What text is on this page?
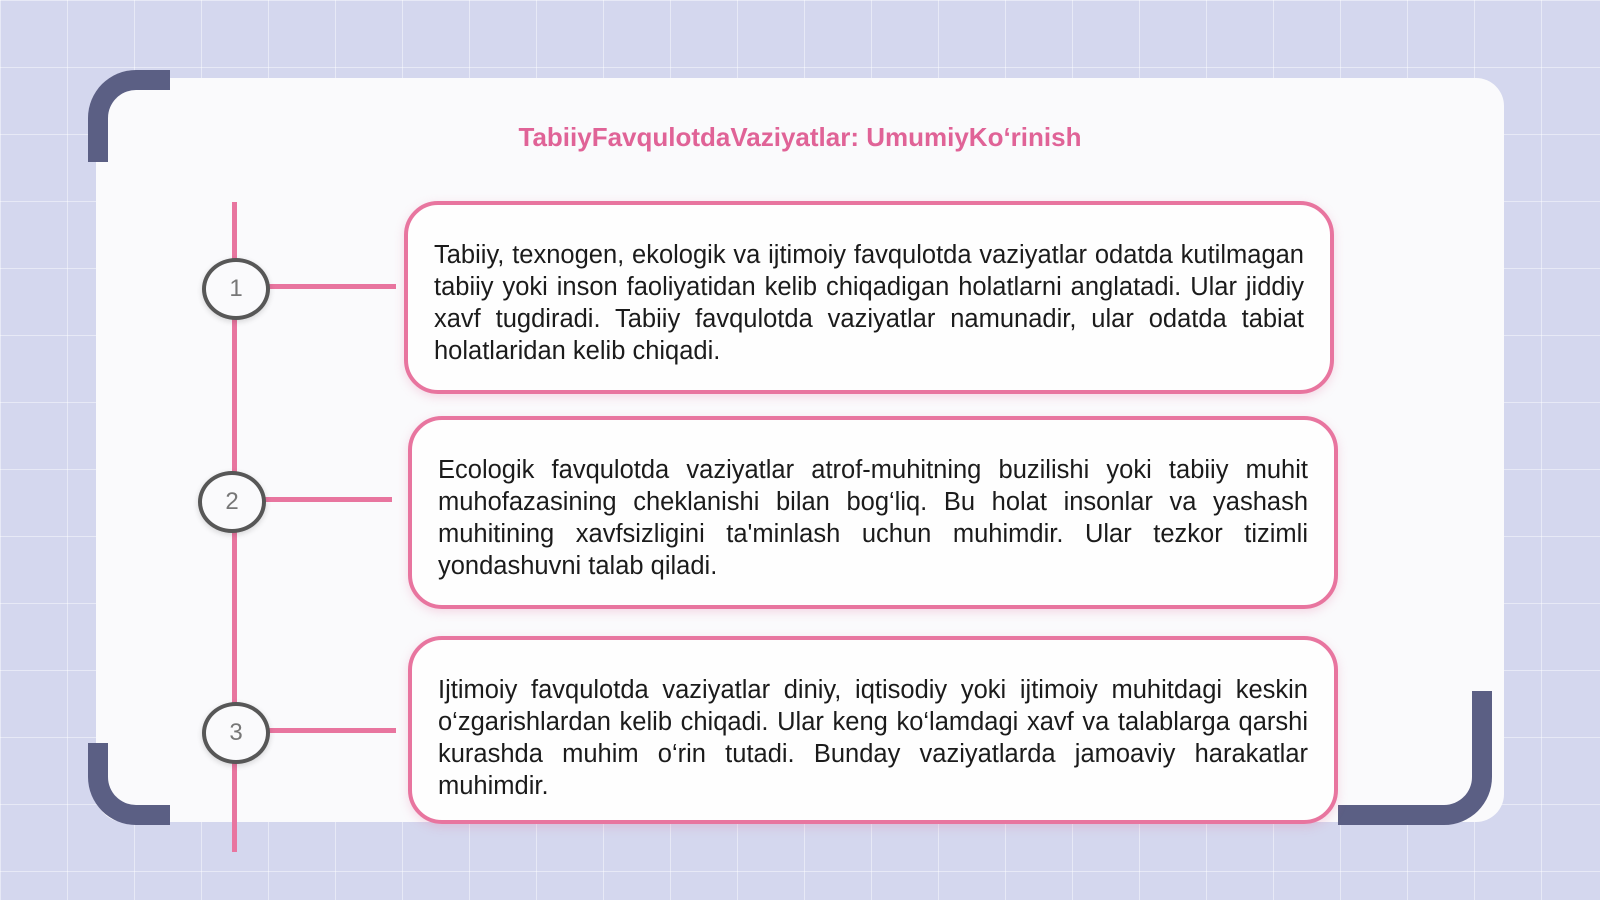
TabiiyFavqulotdaVaziyatlar: UmumiyKo‘rinish
1
2
3

Tabiiy, texnogen, ekologik va ijtimoiy favqulotda vaziyatlar odatda kutilmagan tabiiy yoki inson faoliyatidan kelib chiqadigan holatlarni anglatadi. Ular jiddiy xavf tugdiradi. Tabiiy favqulotda vaziyatlar namunadir, ular odatda tabiat holatlaridan kelib chiqadi.

Ecologik favqulotda vaziyatlar atrof-muhitning buzilishi yoki tabiiy muhit muhofazasining cheklanishi bilan bog‘liq. Bu holat insonlar va yashash muhitining xavfsizligini ta'minlash uchun muhimdir. Ular tezkor tizimli yondashuvni talab qiladi.

Ijtimoiy favqulotda vaziyatlar diniy, iqtisodiy yoki ijtimoiy muhitdagi keskin o‘zgarishlardan kelib chiqadi. Ular keng ko‘lamdagi xavf va talablarga qarshi kurashda muhim o‘rin tutadi. Bunday vaziyatlarda jamoaviy harakatlar muhimdir.
